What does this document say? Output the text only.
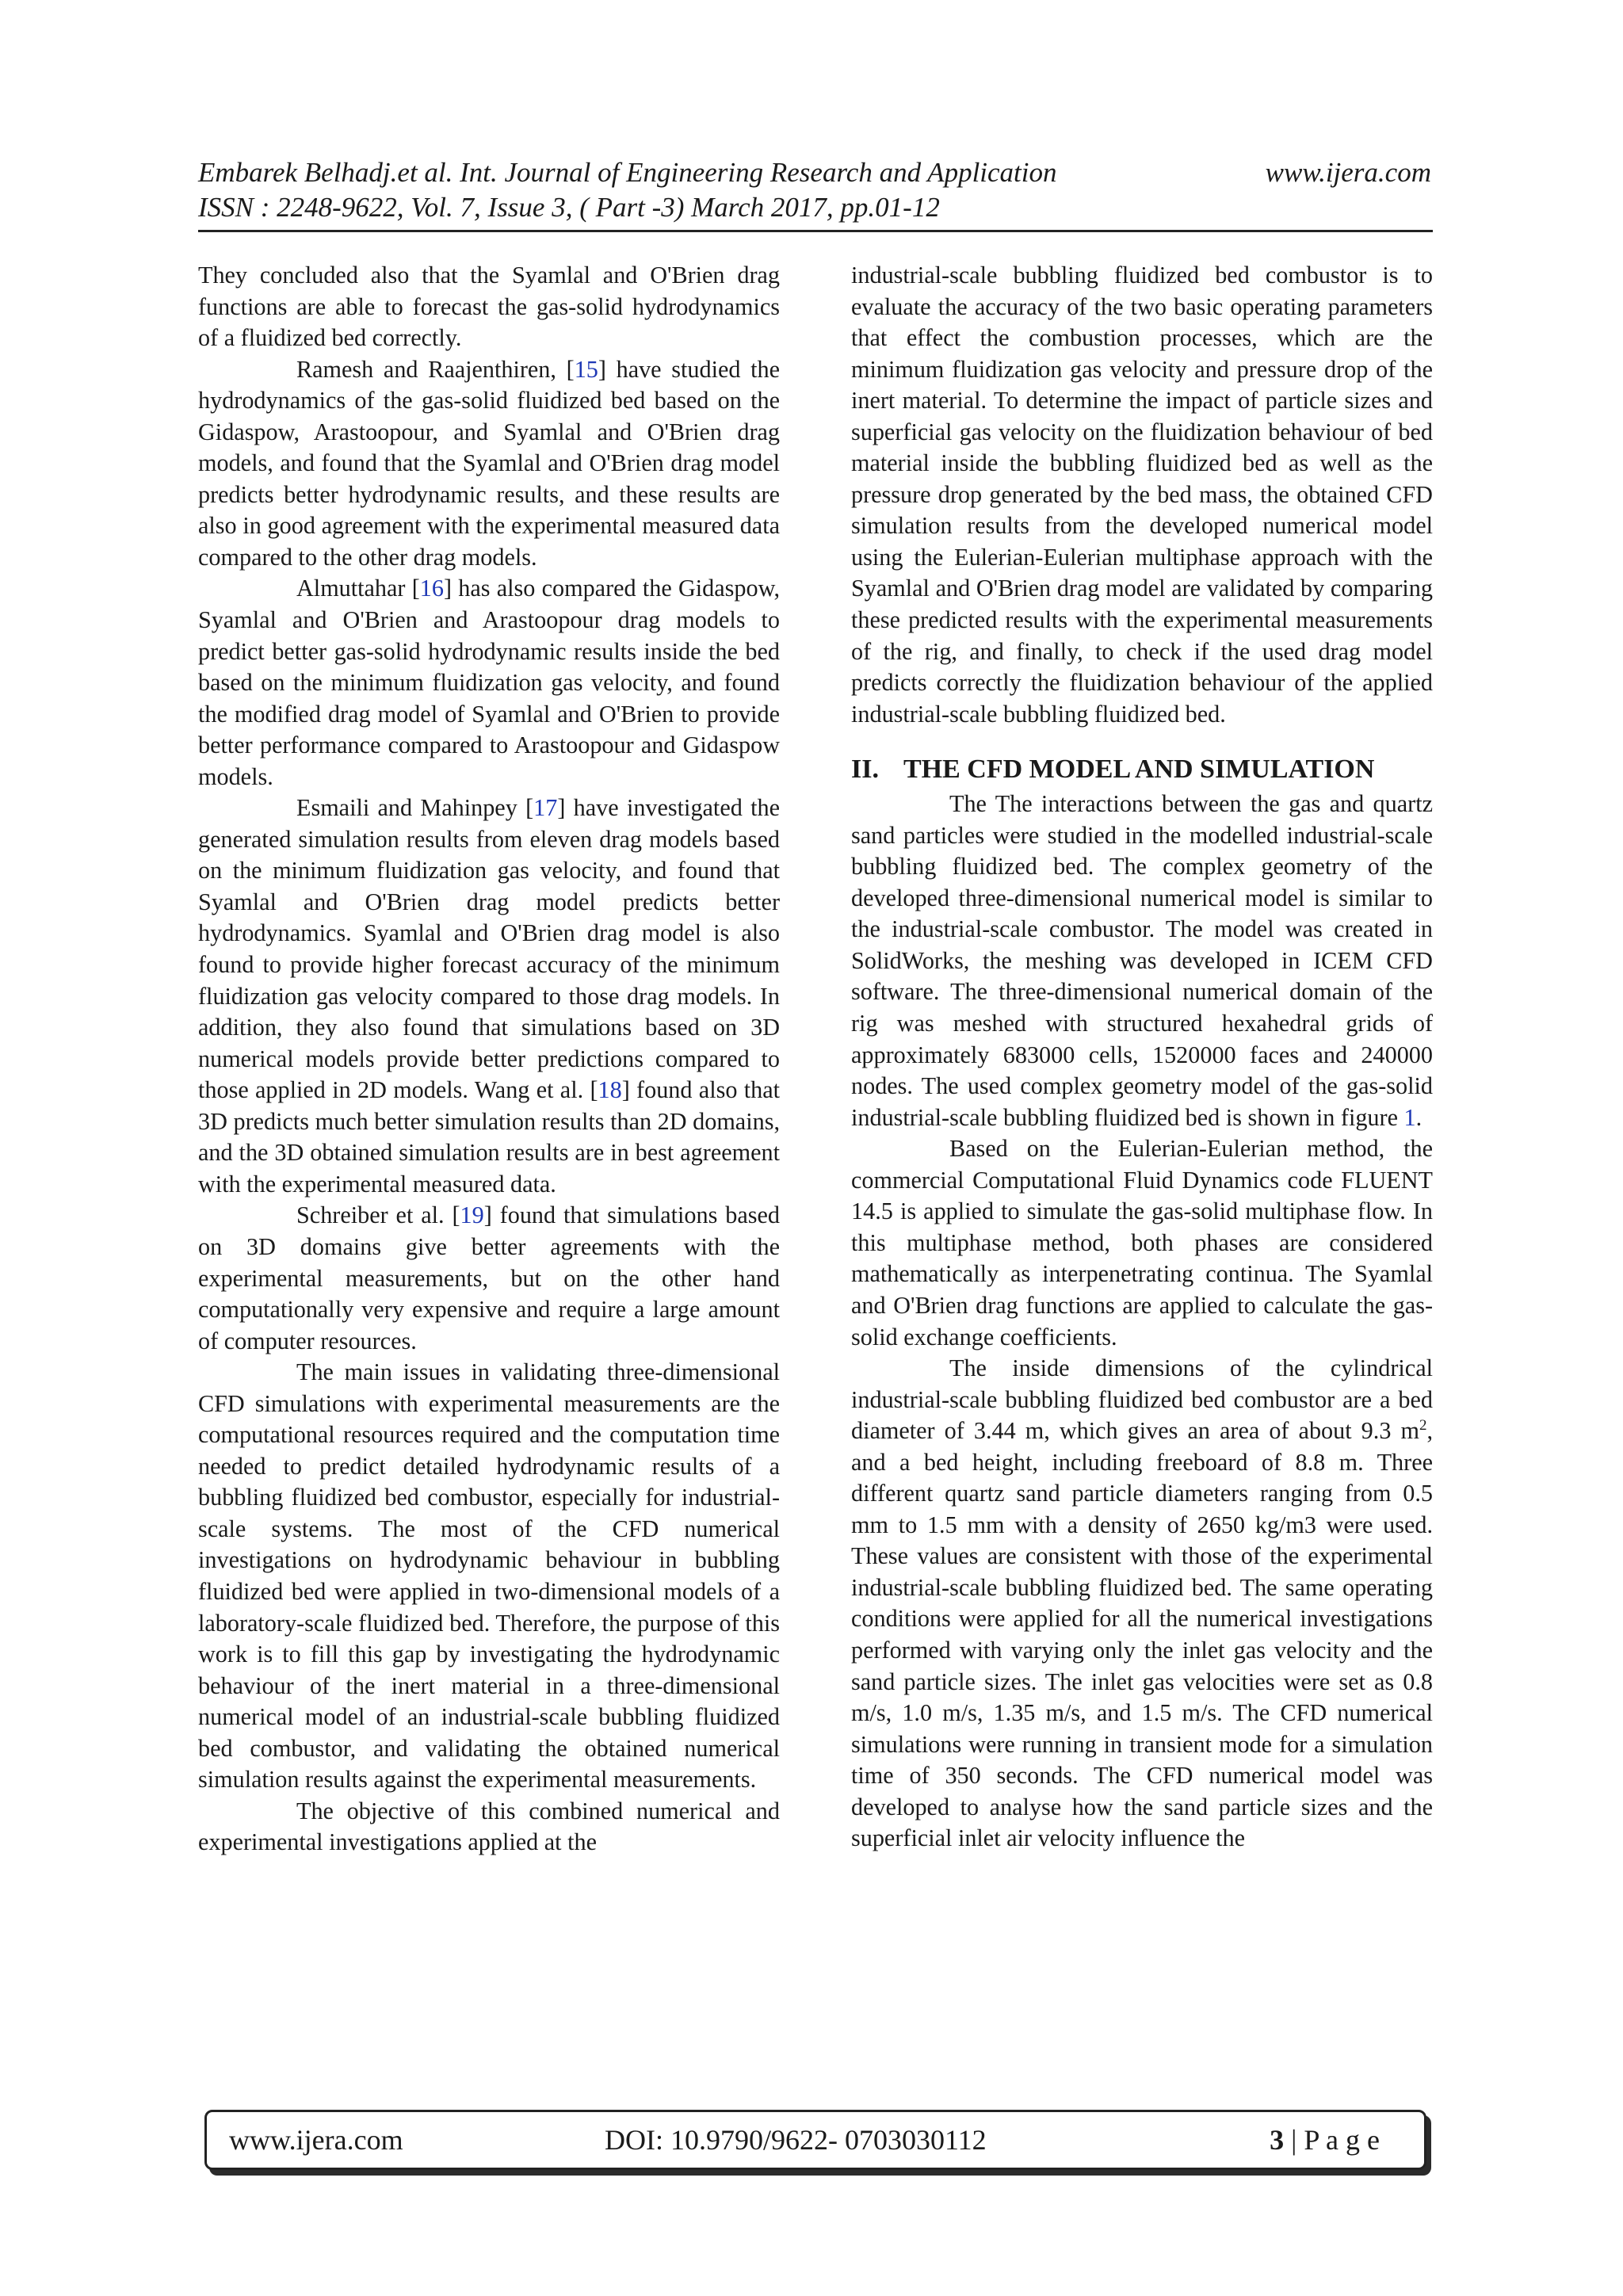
Embarek Belhadj.et al. Int. Journal of Engineering Research and Application	www.ijera.com
ISSN : 2248-9622, Vol. 7, Issue 3, ( Part -3) March 2017, pp.01-12

They concluded also that the Syamlal and O'Brien drag functions are able to forecast the gas-solid hydrodynamics of a fluidized bed correctly.

Ramesh and Raajenthiren, [15] have studied the hydrodynamics of the gas-solid fluidized bed based on the Gidaspow, Arastoopour, and Syamlal and O'Brien drag models, and found that the Syamlal and O'Brien drag model predicts better hydrodynamic results, and these results are also in good agreement with the experimental measured data compared to the other drag models.

Almuttahar [16] has also compared the Gidaspow, Syamlal and O'Brien and Arastoopour drag models to predict better gas-solid hydrodynamic results inside the bed based on the minimum fluidization gas velocity, and found the modified drag model of Syamlal and O'Brien to provide better performance compared to Arastoopour and Gidaspow models.

Esmaili and Mahinpey [17] have investigated the generated simulation results from eleven drag models based on the minimum fluidization gas velocity, and found that Syamlal and O'Brien drag model predicts better hydrodynamics. Syamlal and O'Brien drag model is also found to provide higher forecast accuracy of the minimum fluidization gas velocity compared to those drag models. In addition, they also found that simulations based on 3D numerical models provide better predictions compared to those applied in 2D models. Wang et al. [18] found also that 3D predicts much better simulation results than 2D domains, and the 3D obtained simulation results are in best agreement with the experimental measured data.

Schreiber et al. [19] found that simulations based on 3D domains give better agreements with the experimental measurements, but on the other hand computationally very expensive and require a large amount of computer resources.

The main issues in validating three-dimensional CFD simulations with experimental measurements are the computational resources required and the computation time needed to predict detailed hydrodynamic results of a bubbling fluidized bed combustor, especially for industrial-scale systems. The most of the CFD numerical investigations on hydrodynamic behaviour in bubbling fluidized bed were applied in two-dimensional models of a laboratory-scale fluidized bed. Therefore, the purpose of this work is to fill this gap by investigating the hydrodynamic behaviour of the inert material in a three-dimensional numerical model of an industrial-scale bubbling fluidized bed combustor, and validating the obtained numerical simulation results against the experimental measurements.

The objective of this combined numerical and experimental investigations applied at the

industrial-scale bubbling fluidized bed combustor is to evaluate the accuracy of the two basic operating parameters that effect the combustion processes, which are the minimum fluidization gas velocity and pressure drop of the inert material. To determine the impact of particle sizes and superficial gas velocity on the fluidization behaviour of bed material inside the bubbling fluidized bed as well as the pressure drop generated by the bed mass, the obtained CFD simulation results from the developed numerical model using the Eulerian-Eulerian multiphase approach with the Syamlal and O'Brien drag model are validated by comparing these predicted results with the experimental measurements of the rig, and finally, to check if the used drag model predicts correctly the fluidization behaviour of the applied industrial-scale bubbling fluidized bed.

II. THE CFD MODEL AND SIMULATION

The The interactions between the gas and quartz sand particles were studied in the modelled industrial-scale bubbling fluidized bed. The complex geometry of the developed three-dimensional numerical model is similar to the industrial-scale combustor. The model was created in SolidWorks, the meshing was developed in ICEM CFD software. The three-dimensional numerical domain of the rig was meshed with structured hexahedral grids of approximately 683000 cells, 1520000 faces and 240000 nodes. The used complex geometry model of the gas-solid industrial-scale bubbling fluidized bed is shown in figure 1.

Based on the Eulerian-Eulerian method, the commercial Computational Fluid Dynamics code FLUENT 14.5 is applied to simulate the gas-solid multiphase flow. In this multiphase method, both phases are considered mathematically as interpenetrating continua. The Syamlal and O'Brien drag functions are applied to calculate the gas-solid exchange coefficients.

The inside dimensions of the cylindrical industrial-scale bubbling fluidized bed combustor are a bed diameter of 3.44 m, which gives an area of about 9.3 $m^2$, and a bed height, including freeboard of 8.8 m. Three different quartz sand particle diameters ranging from 0.5 mm to 1.5 mm with a density of 2650 kg/m3 were used. These values are consistent with those of the experimental industrial-scale bubbling fluidized bed. The same operating conditions were applied for all the numerical investigations performed with varying only the inlet gas velocity and the sand particle sizes. The inlet gas velocities were set as 0.8 m/s, 1.0 m/s, 1.35 m/s, and 1.5 m/s. The CFD numerical simulations were running in transient mode for a simulation time of 350 seconds. The CFD numerical model was developed to analyse how the sand particle sizes and the superficial inlet air velocity influence the

www.ijera.com	DOI: 10.9790/9622- 0703030112	3 | P a g e
